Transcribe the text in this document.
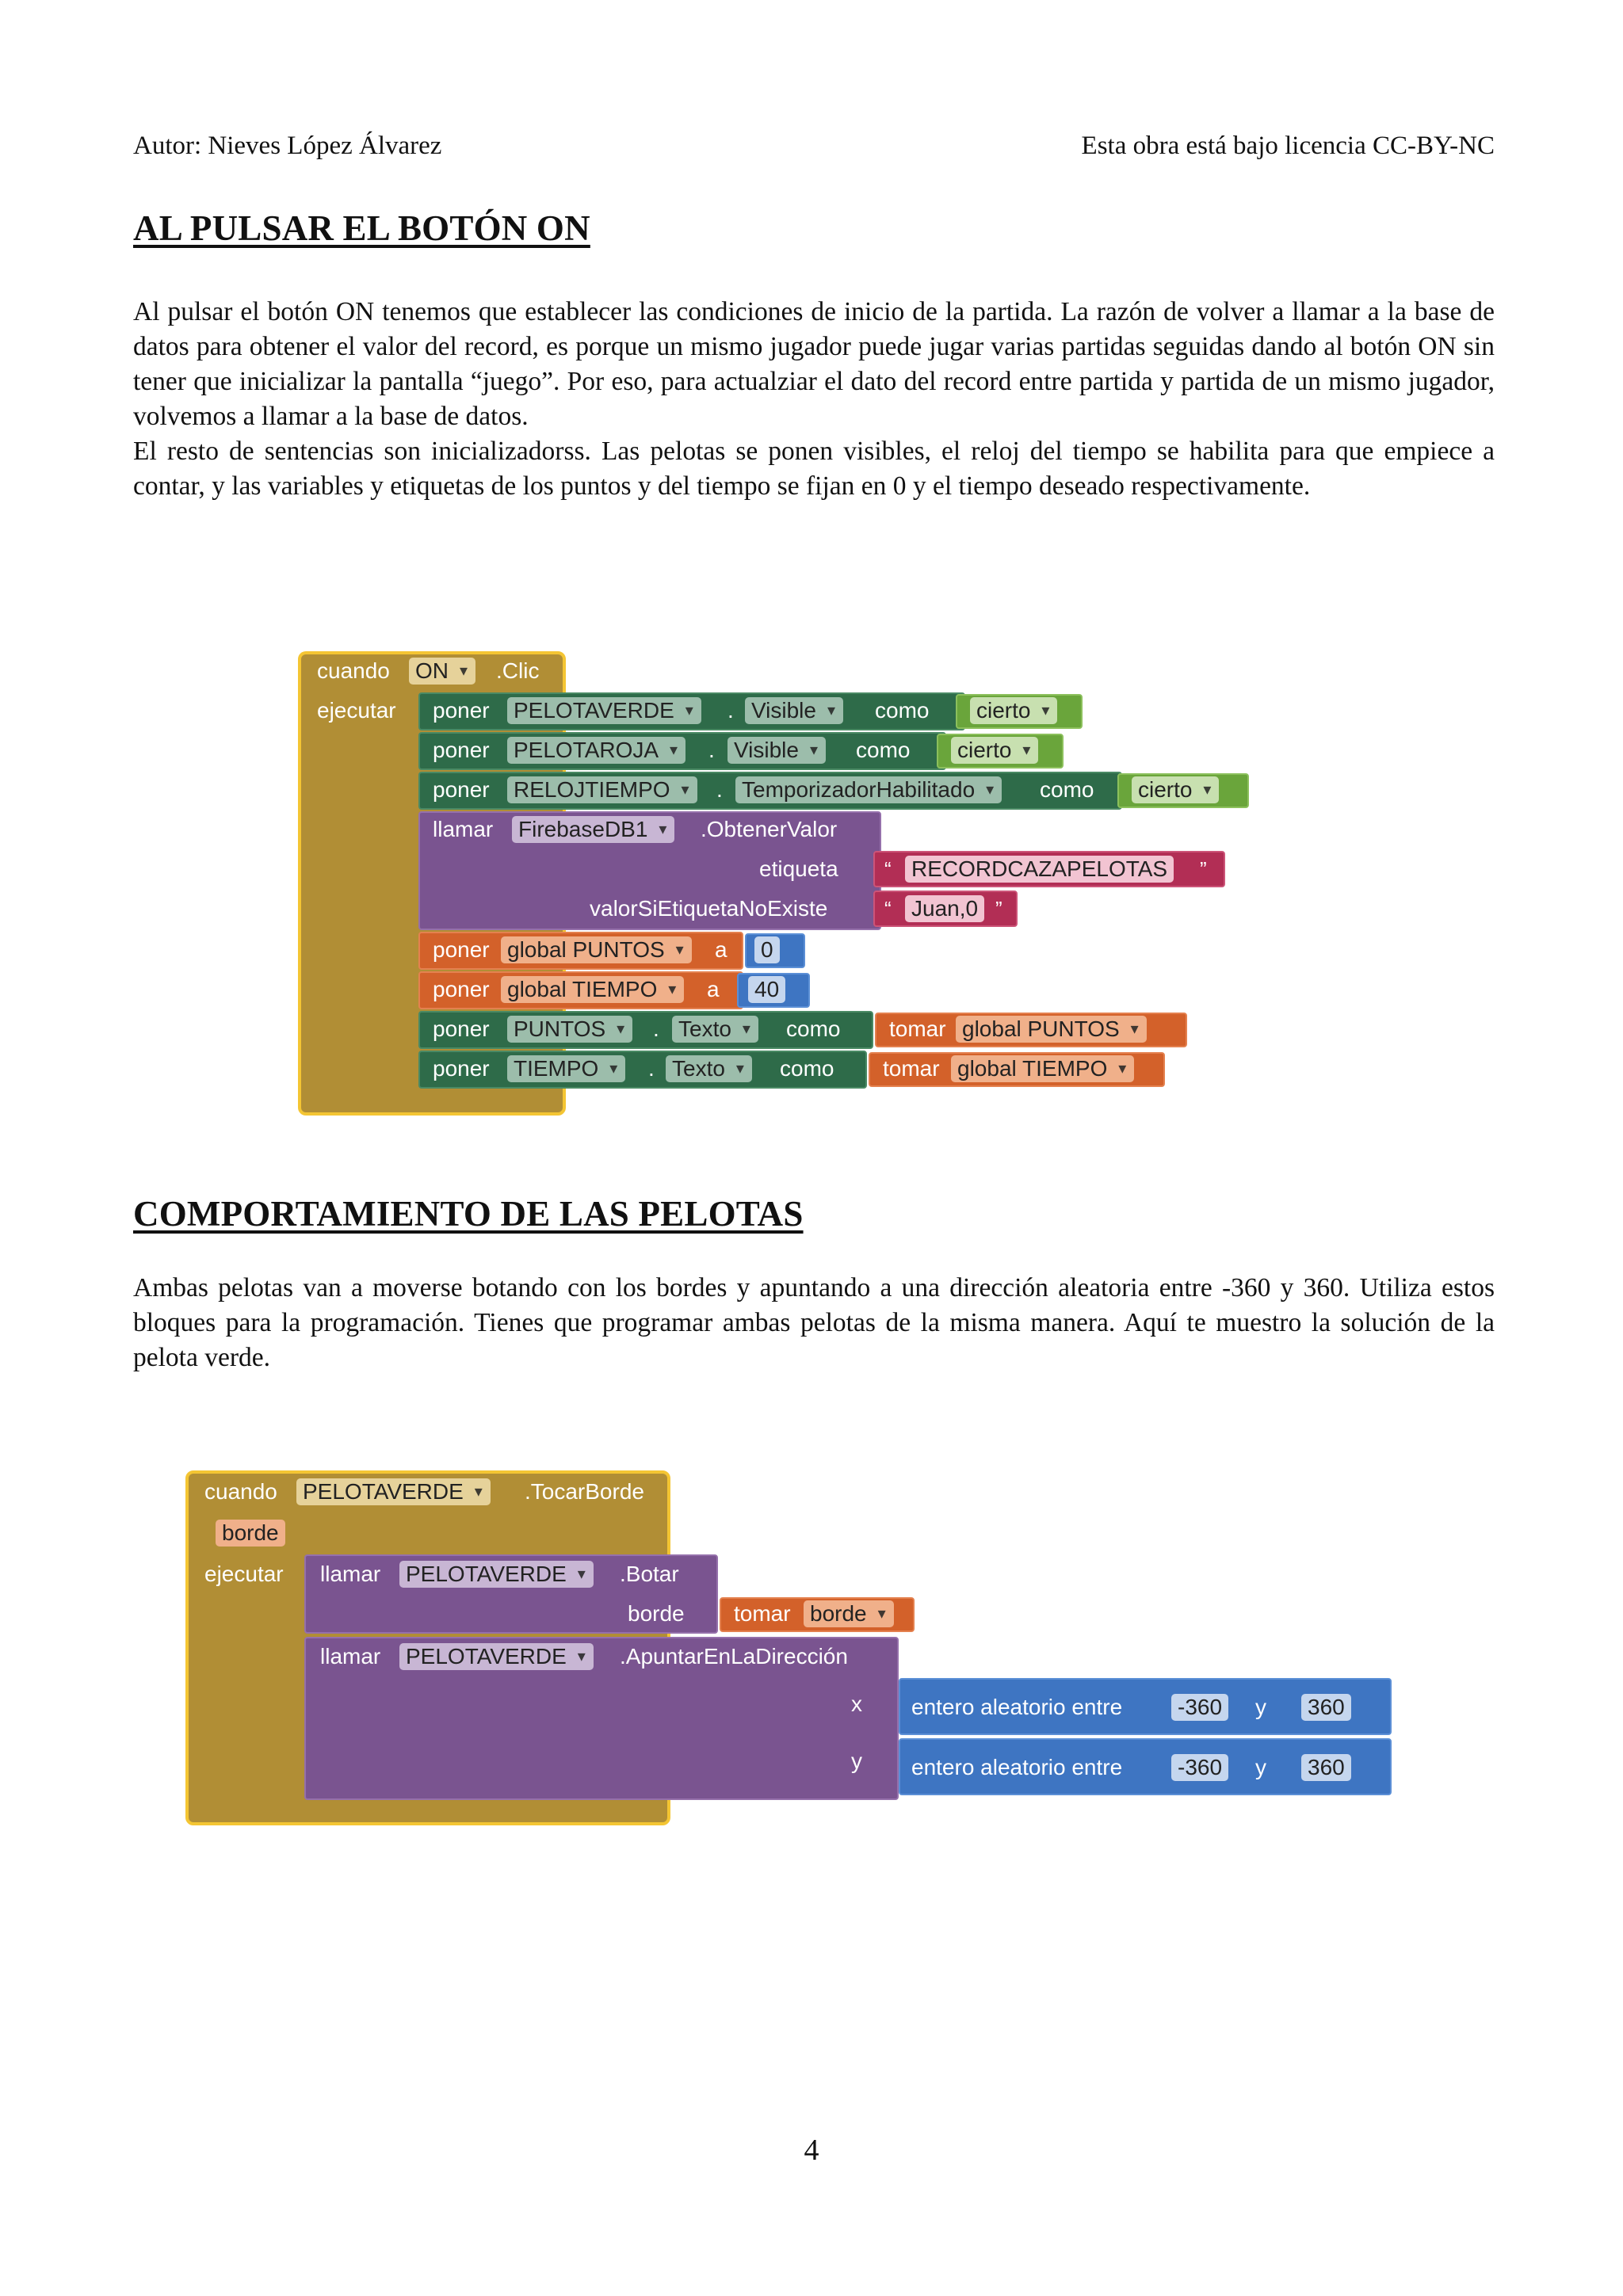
Autor: Nieves López Álvarez	Esta obra está bajo licencia CC-BY-NC
AL PULSAR EL BOTÓN ON

Al pulsar el botón ON tenemos que establecer las condiciones de inicio de la partida. La razón de volver a llamar a la base de datos para obtener el valor del record, es porque un mismo jugador puede jugar varias partidas seguidas dando al botón ON sin tener que inicializar la pantalla “juego”. Por eso, para actualziar el dato del record entre partida y partida de un mismo jugador, volvemos a llamar a la base de datos.
El resto de sentencias son inicializadorss. Las pelotas se ponen visibles, el reloj del tiempo se habilita para que empiece a contar, y las variables y etiquetas de los puntos y del tiempo se fijan en 0 y el tiempo deseado respectivamente.

cuando ON ▾	.Clic
ejecutar poner PELOTAVERDE ▾	. Visible ▾	como cierto ▾
poner PELOTAROJA ▾	. Visible ▾	como cierto ▾
poner RELOJTIEMPO ▾	. TemporizadorHabilitado ▾	como cierto ▾
llamar FirebaseDB1 ▾	.ObtenerValor
etiqueta “ RECORDCAZAPELOTAS	”
valorSiEtiquetaNoExiste	“ Juan,0 ”
poner global PUNTOS ▾	a 0
poner global TIEMPO ▾	a 40
poner PUNTOS ▾	. Texto ▾	como tomar global PUNTOS ▾
poner TIEMPO ▾	. Texto ▾	como tomar global TIEMPO ▾
COMPORTAMIENTO DE LAS PELOTAS

Ambas pelotas van a moverse botando con los bordes y apuntando a una dirección aleatoria entre -360 y 360. Utiliza estos bloques para la programación. Tienes que programar ambas pelotas de la misma manera. Aquí te muestro la solución de la pelota verde.

cuando PELOTAVERDE ▾	.TocarBorde
borde
ejecutar llamar PELOTAVERDE ▾	.Botar
borde tomar borde ▾
llamar PELOTAVERDE ▾	.ApuntarEnLaDirección
x
y
entero aleatorio entre -360 y 360
entero aleatorio entre -360 y 360
4
